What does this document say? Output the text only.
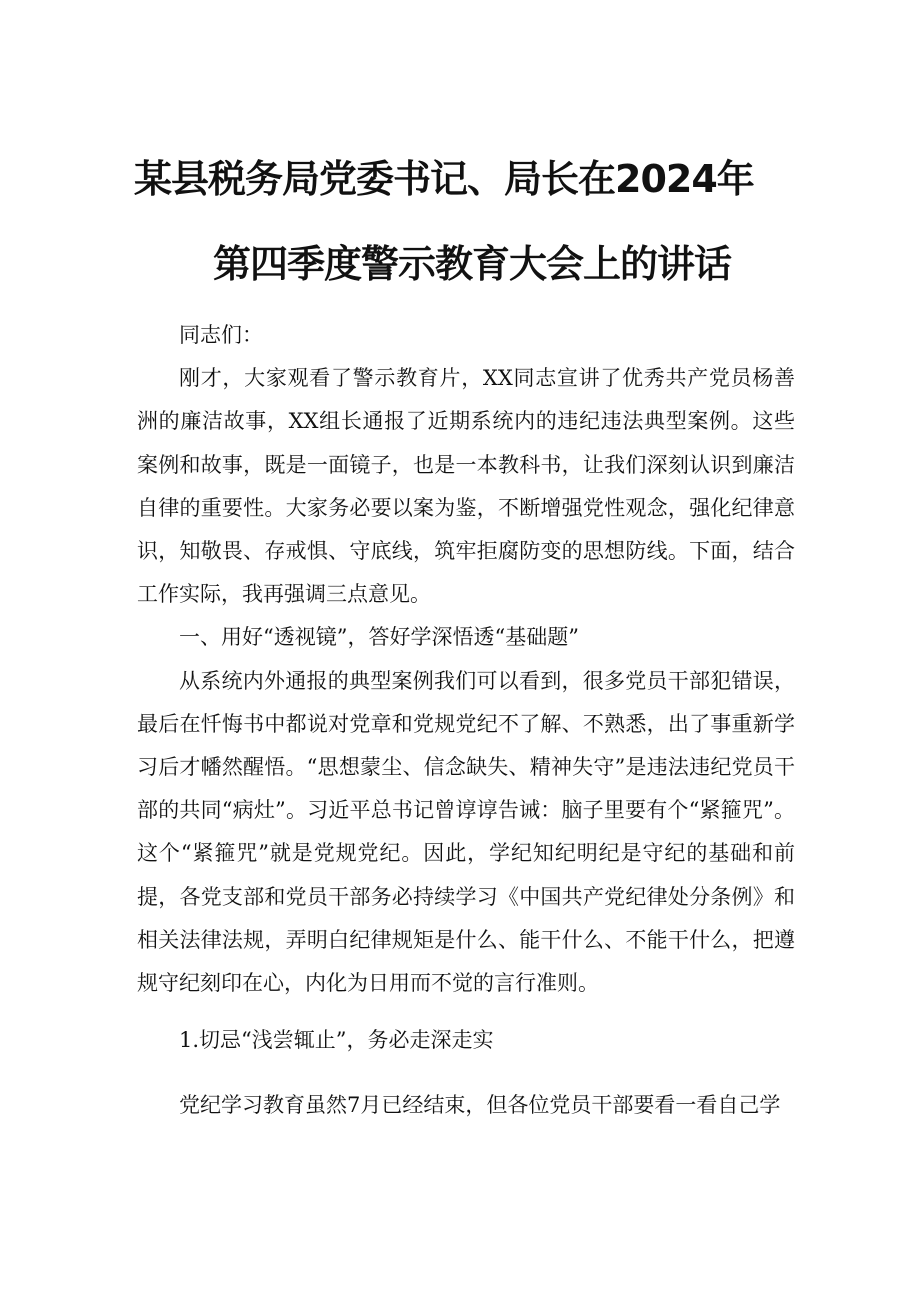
某县税务局党委书记、局长在2024年
第四季度警示教育大会上的讲话

同志们：

刚才，大家观看了警示教育片，XX同志宣讲了优秀共产党员杨善洲的廉洁故事，XX组长通报了近期系统内的违纪违法典型案例。这些案例和故事，既是一面镜子，也是一本教科书，让我们深刻认识到廉洁自律的重要性。大家务必要以案为鉴，不断增强党性观念，强化纪律意识，知敬畏、存戒惧、守底线，筑牢拒腐防变的思想防线。下面，结合工作实际，我再强调三点意见。

一、用好“透视镜”，答好学深悟透“基础题”

从系统内外通报的典型案例我们可以看到，很多党员干部犯错误，最后在忏悔书中都说对党章和党规党纪不了解、不熟悉，出了事重新学习后才幡然醒悟。“思想蒙尘、信念缺失、精神失守”是违法违纪党员干部的共同“病灶”。习近平总书记曾谆谆告诫：脑子里要有个“紧箍咒”。这个“紧箍咒”就是党规党纪。因此，学纪知纪明纪是守纪的基础和前提，各党支部和党员干部务必持续学习《中国共产党纪律处分条例》和相关法律法规，弄明白纪律规矩是什么、能干什么、不能干什么，把遵规守纪刻印在心，内化为日用而不觉的言行准则。

1.切忌“浅尝辄止”，务必走深走实

党纪学习教育虽然7月已经结束，但各位党员干部要看一看自己学
